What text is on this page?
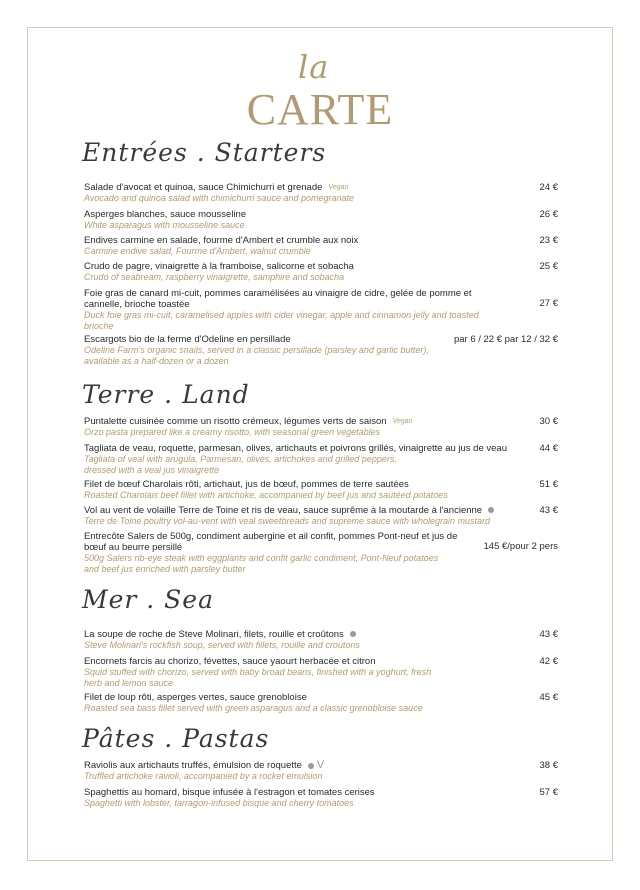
la
CARTE
Entrées . Starters
Salade d'avocat et quinoa, sauce Chimichurri et grenade Vegan
Avocado and quinoa salad with chimichurri sauce and pomegranate
24 €
Asperges blanches, sauce mousseline
White asparagus with mousseline sauce
26 €
Endives carmine en salade, fourme d'Ambert et crumble aux noix
Carmine endive salad, Fourme d'Ambert, walnut crumble
23 €
Crudo de pagre, vinaigrette à la framboise, salicorne et sobacha
Crudo of seabream, raspberry vinaigrette, samphire and sobacha
25 €
Foie gras de canard mi-cuit, pommes caramélisées au vinaigre de cidre, gelée de pomme et cannelle, brioche toastée
Duck foie gras mi-cuit, caramelised apples with cider vinegar, apple and cinnamon jelly and toasted brioche
27 €
Escargots bio de la ferme d'Odeline en persillade
Odeline Farm's organic snails, served in a classic persillade (parsley and garlic butter), available as a half-dozen or a dozen
par 6 / 22 € par 12 / 32 €
Terre . Land
Puntalette cuisinée comme un risotto crémeux, légumes verts de saison Vegan
Orzo pasta prepared like a creamy risotto, with seasonal green vegetables
30 €
Tagliata de veau, roquette, parmesan, olives, artichauts et poivrons grillés, vinaigrette au jus de veau
Tagliata of veal with arugula, Parmesan, olives, artichokes and grilled peppers, dressed with a veal jus vinaigrette
44 €
Filet de bœuf Charolais rôti, artichaut, jus de bœuf, pommes de terre sautées
Roasted Charolais beef fillet with artichoke, accompanied by beef jus and sautéed potatoes
51 €
Vol au vent de volaille Terre de Toine et ris de veau, sauce suprême à la moutarde à l'ancienne
Terre de Toine poultry vol-au-vent with veal sweetbreads and supreme sauce with wholegrain mustard
43 €
Entrecôte Salers de 500g, condiment aubergine et ail confit, pommes Pont-neuf et jus de bœuf au beurre persillé
500g Salers rib-eye steak with eggplants and confit garlic condiment, Pont-Neuf potatoes and beef jus enriched with parsley butter
145 €/pour 2 pers
Mer . Sea
La soupe de roche de Steve Molinari, filets, rouille et croûtons
Steve Molinari's rockfish soup, served with fillets, rouille and croutons
43 €
Encornets farcis au chorizo, févettes, sauce yaourt herbacée et citron
Squid stuffed with chorizo, served with baby broad beans, finished with a yoghurt, fresh herb and lemon sauce
42 €
Filet de loup rôti, asperges vertes, sauce grenobloise
Roasted sea bass fillet served with green asparagus and a classic grenobloise sauce
45 €
Pâtes . Pastas
Raviolis aux artichauts truffés, émulsion de roquette V
Truffled artichoke ravioli, accompanied by a rocket emulsion
38 €
Spaghettis au homard, bisque infusée à l'estragon et tomates cerises
Spaghetti with lobster, tarragon-infused bisque and cherry tomatoes
57 €
